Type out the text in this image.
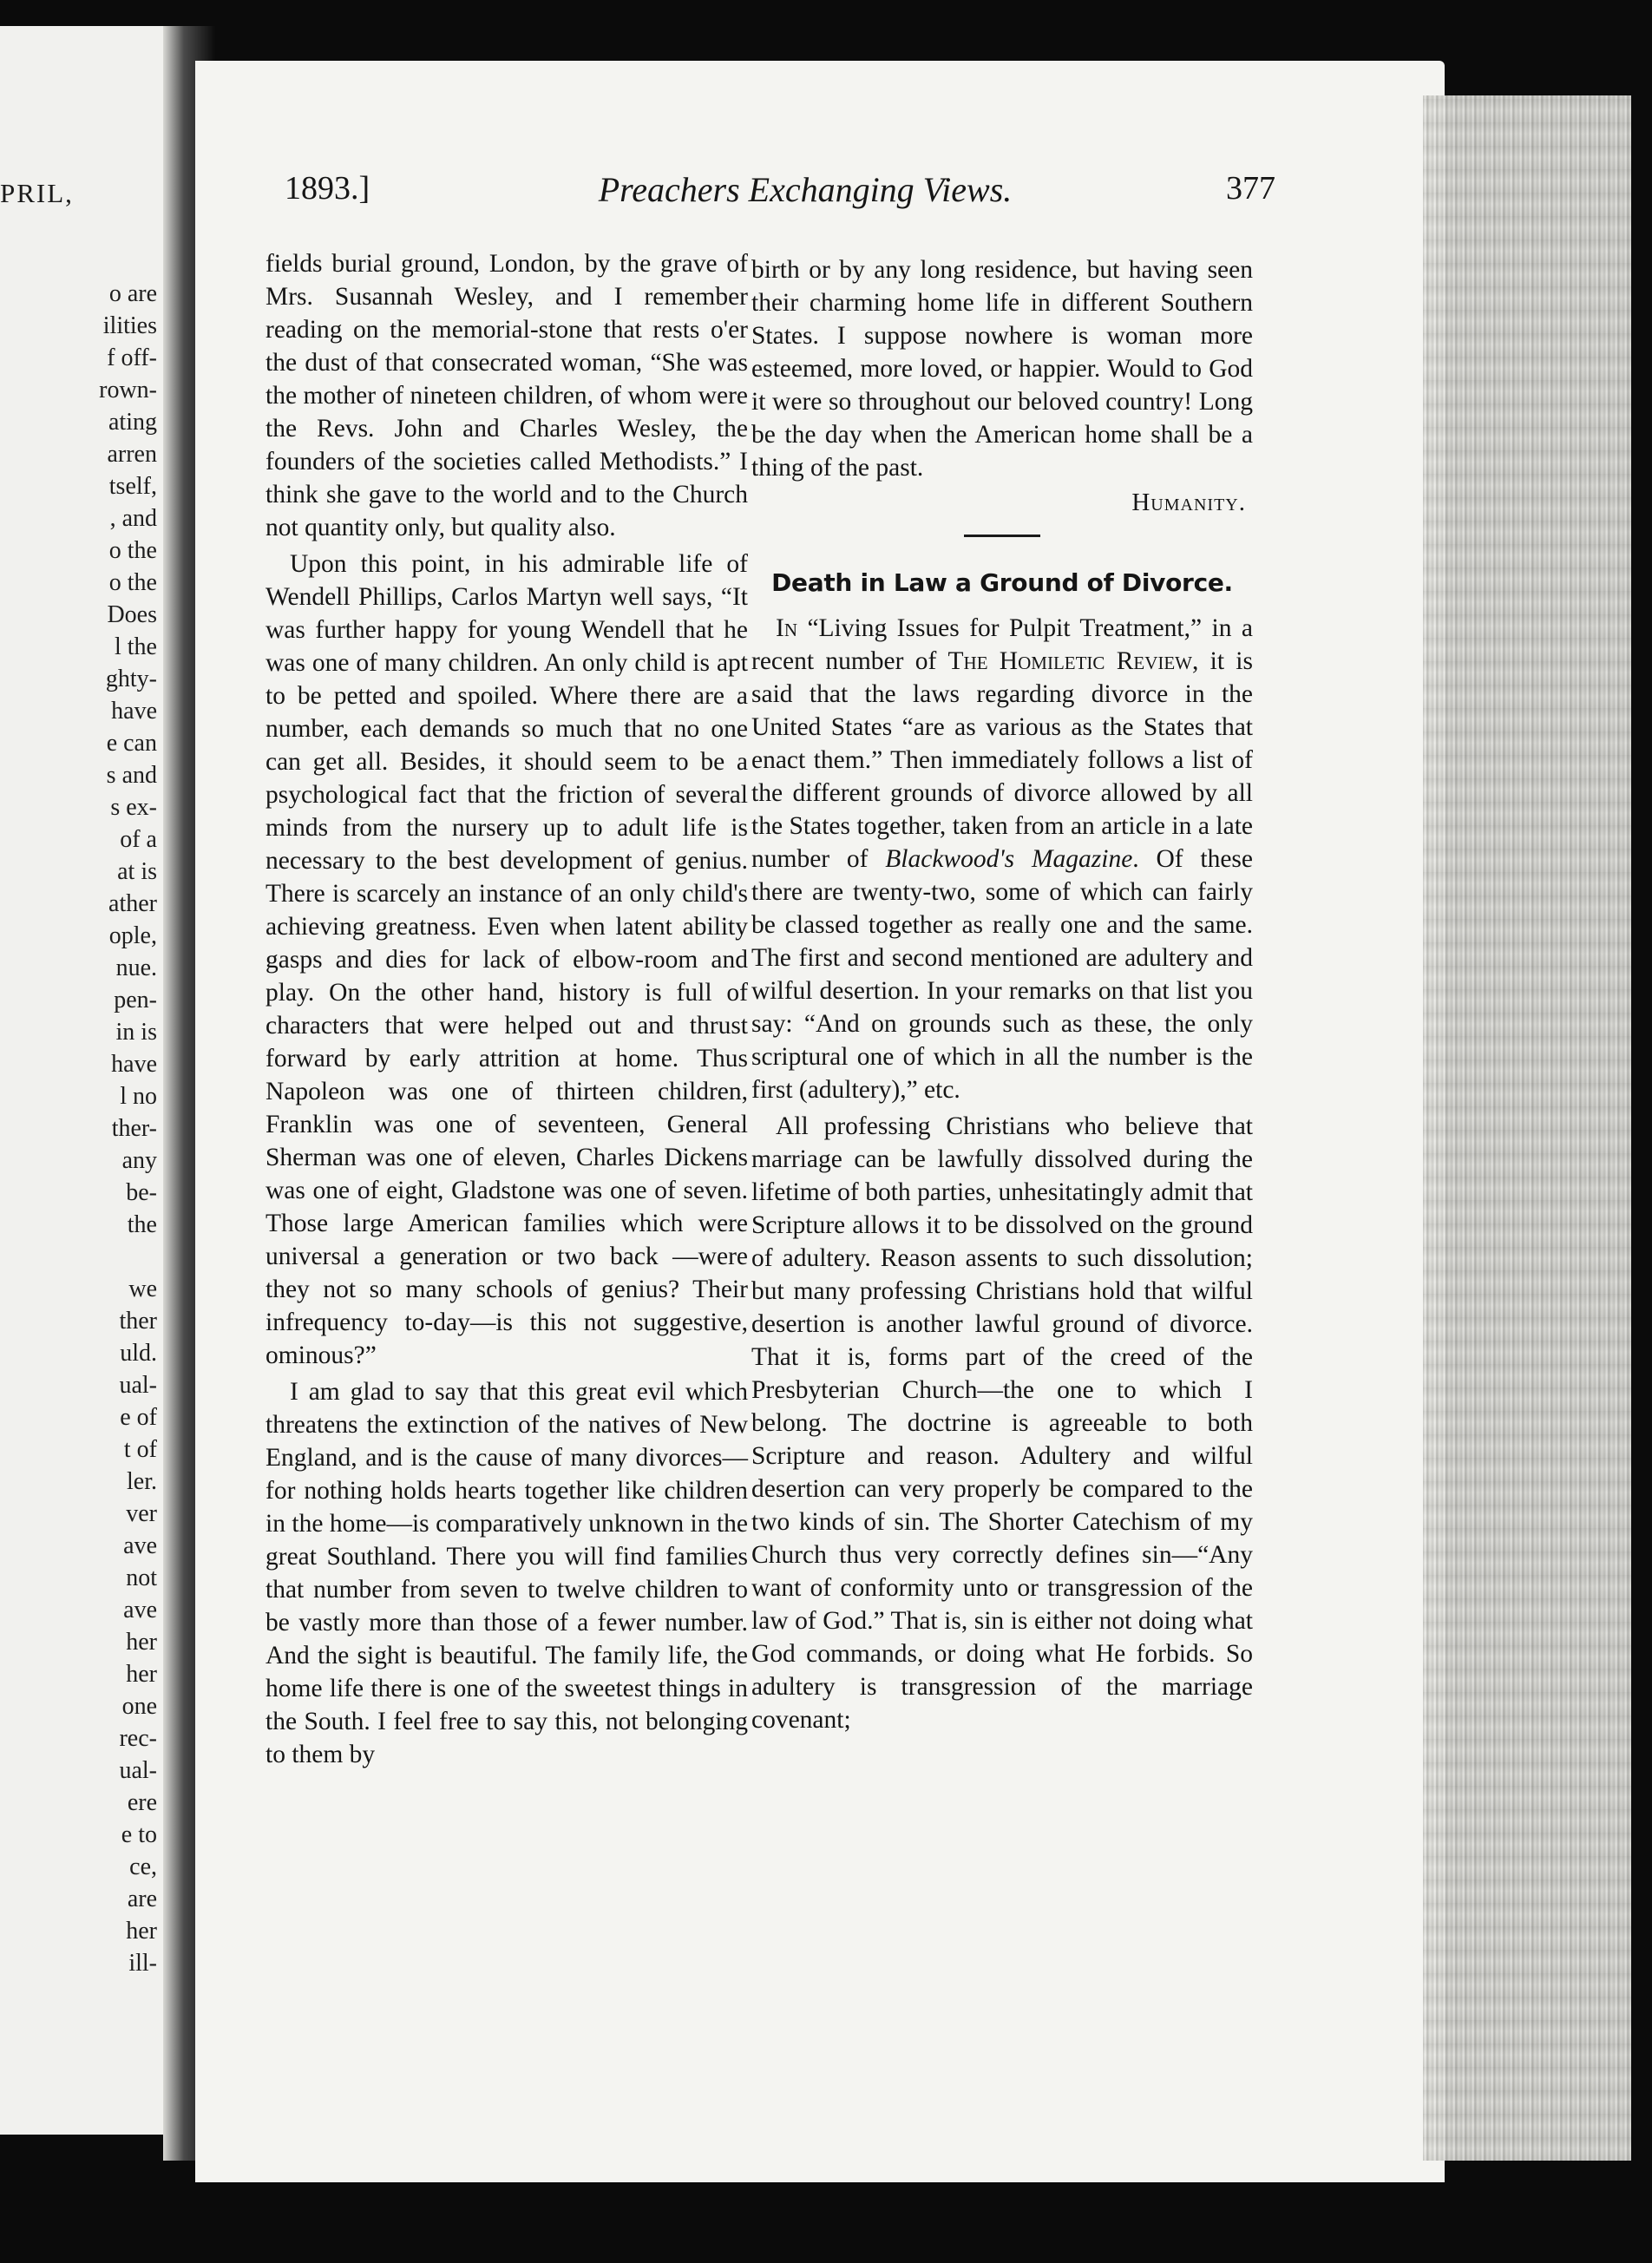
PRIL,
o are
ilities
f off-
rown-
ating
arren
tself,
, and
o the
o the
Does
l the
ghty-
have
e can
s and
s ex-
of a
at is
ather
ople,
nue.
pen-
in is
have
l no
ther-
any
be-
the
we
ther
uld.
ual-
e of
t of
ler.
ver
ave
not
ave
her
her
one
rec-
ual-
ere
e to
ce,
are
her
ill-
1893.]	Preachers Exchanging Views.	377

fields burial ground, London, by the grave of Mrs. Susannah Wesley, and I remember reading on the memorial-stone that rests o'er the dust of that consecrated woman, “She was the mother of nineteen children, of whom were the Revs. John and Charles Wesley, the founders of the societies called Methodists.” I think she gave to the world and to the Church not quantity only, but quality also.

Upon this point, in his admirable life of Wendell Phillips, Carlos Martyn well says, “It was further happy for young Wendell that he was one of many children. An only child is apt to be petted and spoiled. Where there are a number, each demands so much that no one can get all. Besides, it should seem to be a psychological fact that the friction of several minds from the nursery up to adult life is necessary to the best development of genius. There is scarcely an instance of an only child's achieving greatness. Even when latent ability gasps and dies for lack of elbow-room and play. On the other hand, history is full of characters that were helped out and thrust forward by early attrition at home. Thus Napoleon was one of thirteen children, Franklin was one of seventeen, General Sherman was one of eleven, Charles Dickens was one of eight, Gladstone was one of seven. Those large American families which were universal a generation or two back —were they not so many schools of genius? Their infrequency to-day—is this not suggestive, ominous?”

I am glad to say that this great evil which threatens the extinction of the natives of New England, and is the cause of many divorces—for nothing holds hearts together like children in the home—is comparatively unknown in the great Southland. There you will find families that number from seven to twelve children to be vastly more than those of a fewer number. And the sight is beautiful. The family life, the home life there is one of the sweetest things in the South. I feel free to say this, not belonging to them by

birth or by any long residence, but having seen their charming home life in different Southern States. I suppose nowhere is woman more esteemed, more loved, or happier. Would to God it were so throughout our beloved country! Long be the day when the American home shall be a thing of the past.

Humanity.
Death in Law a Ground of Divorce.

In “Living Issues for Pulpit Treatment,” in a recent number of The Homiletic Review, it is said that the laws regarding divorce in the United States “are as various as the States that enact them.” Then immediately follows a list of the different grounds of divorce allowed by all the States together, taken from an article in a late number of Blackwood's Magazine. Of these there are twenty-two, some of which can fairly be classed together as really one and the same. The first and second mentioned are adultery and wilful desertion. In your remarks on that list you say: “And on grounds such as these, the only scriptural one of which in all the number is the first (adultery),” etc.

All professing Christians who believe that marriage can be lawfully dissolved during the lifetime of both parties, unhesitatingly admit that Scripture allows it to be dissolved on the ground of adultery. Reason assents to such dissolution; but many professing Christians hold that wilful desertion is another lawful ground of divorce. That it is, forms part of the creed of the Presbyterian Church—the one to which I belong. The doctrine is agreeable to both Scripture and reason. Adultery and wilful desertion can very properly be compared to the two kinds of sin. The Shorter Catechism of my Church thus very correctly defines sin—“Any want of conformity unto or transgression of the law of God.” That is, sin is either not doing what God commands, or doing what He forbids. So adultery is transgression of the marriage covenant;
